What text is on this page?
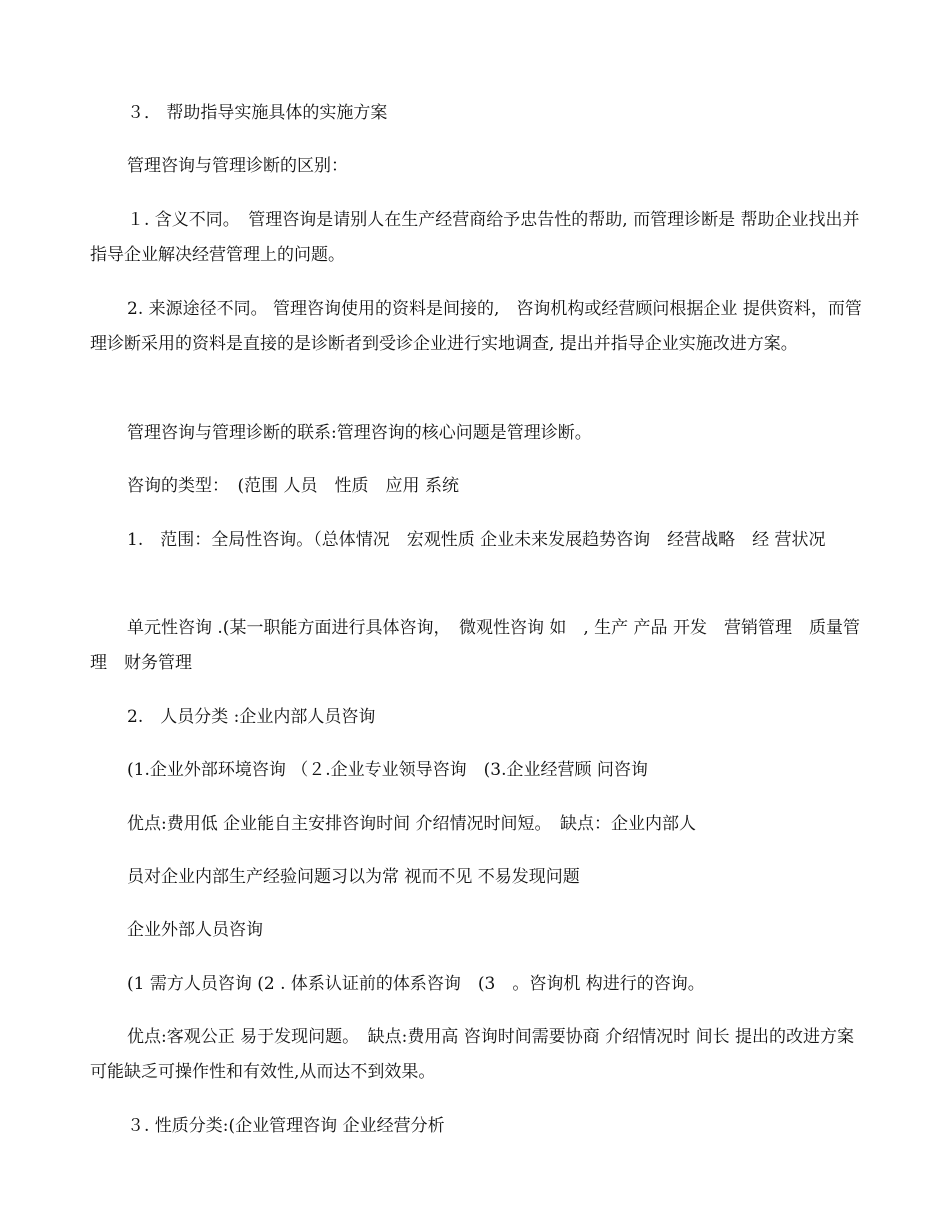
３． 帮助指导实施具体的实施方案

管理咨询与管理诊断的区别：

１. 含义不同。　管理咨询是请别人在生产经营商给予忠告性的帮助, 而管理诊断是 帮助企业找出并指导企业解决经营管理上的问题。

2. 来源途径不同。 管理咨询使用的资料是间接的,　咨询机构或经营顾问根据企业 提供资料，而管理诊断采用的资料是直接的是诊断者到受诊企业进行实地调查, 提出并指导企业实施改进方案。

管理咨询与管理诊断的联系:管理咨询的核心问题是管理诊断。

咨询的类型：　(范围 人员　性质　应用 系统

1.　范围：全局性咨询。（总体情况　宏观性质 企业未来发展趋势咨询　经营战略　经 营状况

单元性咨询 .(某一职能方面进行具体咨询，　微观性咨询 如　, 生产 产品 开发　营销管理　质量管理　财务管理

2.　人员分类 :企业内部人员咨询

(1.企业外部环境咨询 （２.企业专业领导咨询　(3.企业经营顾 问咨询

优点:费用低 企业能自主安排咨询时间 介绍情况时间短。　缺点：企业内部人

员对企业内部生产经验问题习以为常 视而不见 不易发现问题

企业外部人员咨询

(1 需方人员咨询 (2 . 体系认证前的体系咨询　(3　。咨询机 构进行的咨询。

优点:客观公正 易于发现问题。　缺点:费用高 咨询时间需要协商 介绍情况时 间长 提出的改进方案可能缺乏可操作性和有效性,从而达不到效果。

３. 性质分类:(企业管理咨询 企业经营分析
